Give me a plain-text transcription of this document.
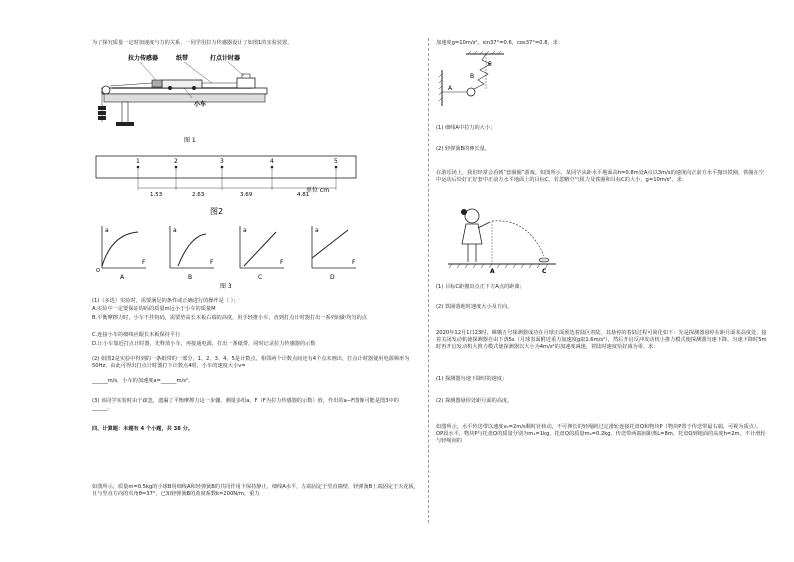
为了探究质量一定时加速度与力的关系，一同学用拉力传感器设计了如图1的实验装置。
拉力传感器	纸带	打点计时器
小车
图 1
1	2	3	4	5
1.53	2.63	3.69	4.81
单位 cm
图2
a
F
A
O
a
F
B
a
F
C
a
F
D
图 3
(1)（多选）实验时，需要满足的条件或正确进行的操作是（ ）；
A.实验中一定要保证钩码的质量m远小于小车的质量M
B.平衡摩擦力时，小车不挂钩码，需要垫高长木板右端的高度，用手轻推小车，直到打点计时器打出一系列间距均匀的点
C.连接小车的细线应跟长木板保持平行
D.让小车靠近打点计时器，先释放小车，再接通电源，打出一条纸带，同时记录拉力传感器的示数
(2) 如图2是实验中得到的一条纸带的一部分，1、2、3、4、5是计数点，相邻两个计数点间还有4个点未画出，打点计时器使用电源频率为50Hz。由此可得出打点计时器打下计数点4时，小车的速度大小v=
______m/s，小车的加速度a=______m/s²。
(3) 该同学实验时由于疏忽，遗漏了平衡摩擦力这一步骤，测量多组a、F（F为拉力传感器的示数）值，作出的a−F图像可能是图3中的______。
四、计算题：本题有 4 个小题，共 38 分。
如图所示，质量m=0.5kg的小球B用细线A和轻弹簧B的共同作用下保持静止，细线A水平，左端固定于竖直墙壁，轻弹簧B上端固定于天花板，且与竖直方向的夹角θ=37°，已知轻弹簧B的劲度系数k=200N/m，重力
加速度g=10m/s²，sin37°=0.6，cos37°=0.8，求：
A
B
θ
(1) 细线A中拉力的大小；
(2) 轻弹簧B的伸长量。
在游乐场上，我们经常会看到“套圈圈”游戏。如图所示，某同学从距水平地面高h=0.8m处A点以3m/s的速度向正前方水平抛出铁圈，铁圈在空中运动后恰好正好套中正前方水平地面上的目标C。若忽略空气阻力及铁圈和目标C的大小，g=10m/s²，求：
A	C
(1) 目标C距抛出点正下方A点的距离；
(2) 铁圈落地时速度大小及方向。
2020年12月1日23时，嫦娥五号探测器成功在月球正面预选着陆区着陆。其悬停的着陆过程可简化如下：先是探测器悬停在距月面某高度处，接着关闭发动机使探测器自由下落5s（月球表面附近重力加速度g取1.6m/s²），然后开启反冲发动机小推力模式使探测器匀速下降，匀速下降时5m时再开启发动机大推力模式使探测器以大小为4m/s²的加速度减速，着陆时速度恰好减为零。求：
(1) 探测器匀速下降时的速度；
(2) 探测器悬停处距月面的高度。
如图所示，水平传送带以速度v₀=2m/s顺时针转动，不可伸长的轻绳跨过定滑轮连接托盘Q和物块P（物块P置于传送带最右端，可视为质点）。OP段水平，物块P与托盘Q的质量分别为m₁=1kg、托盘Q的质量m₂=0.2kg，传送带两端间距离L=8m，托盘Q到地面的高度h=2m。不计滑轮与轻绳间的
